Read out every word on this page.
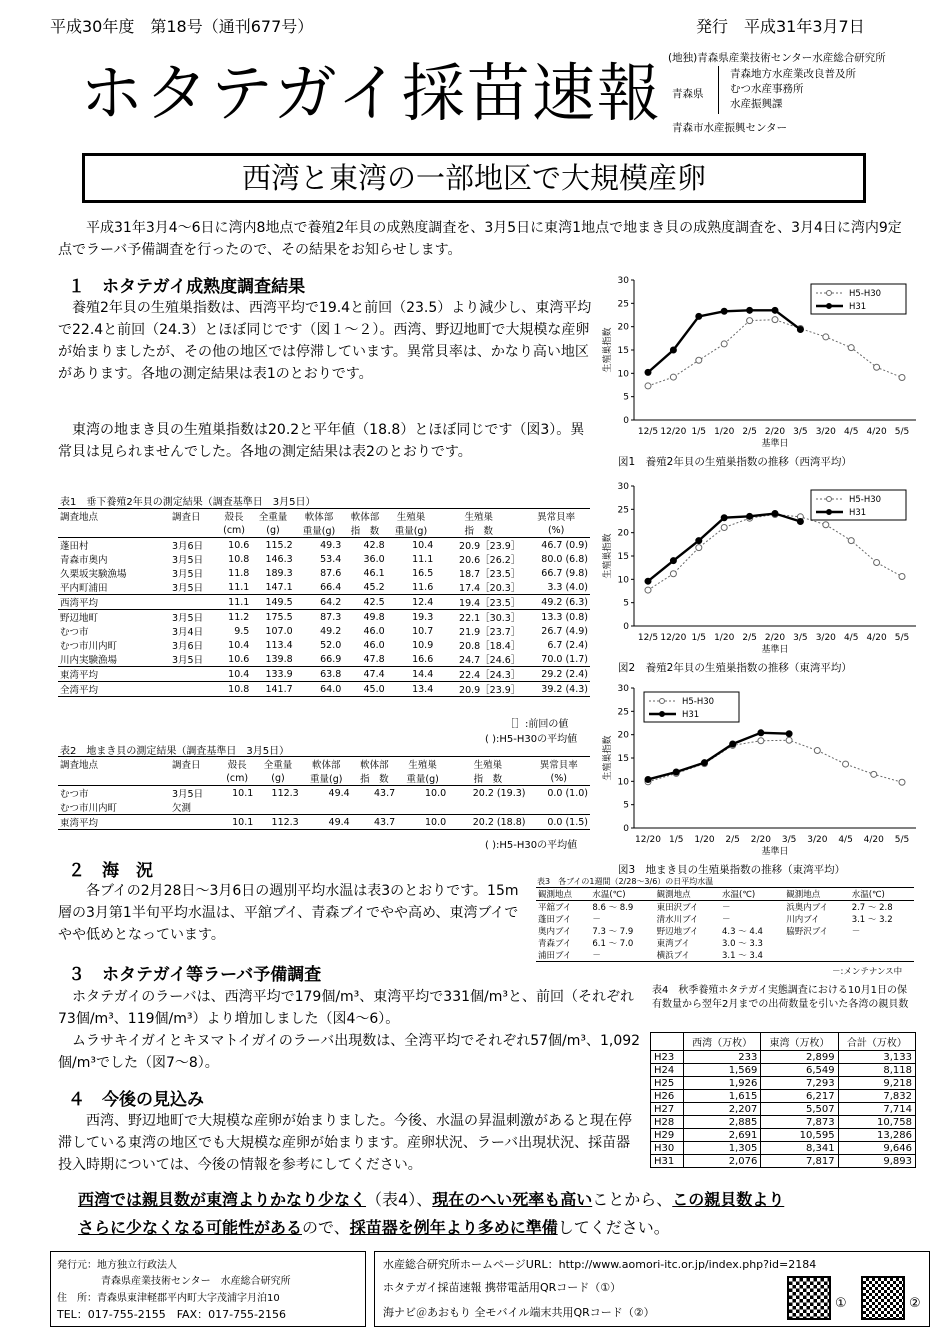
平成30年度　第18号（通刊677号）	発行　平成31年3月7日
ホタテガイ採苗速報 (地独)青森県産業技術センター水産総合研究所
青森県
青森地方水産業改良普及所
むつ水産事務所
水産振興課
青森市水産振興センター
西湾と東湾の一部地区で大規模産卵

平成31年3月4～6日に湾内8地点で養殖2年貝の成熟度調査を、3月5日に東湾1地点で地まき貝の成熟度調査を、3月4日に湾内9定点でラーバ予備調査を行ったので、その結果をお知らせします。

１　ホタテガイ成熟度調査結果

養殖2年貝の生殖巣指数は、西湾平均で19.4と前回（23.5）より減少し、東湾平均で22.4と前回（24.3）とほぼ同じです（図１～２）。西湾、野辺地町で大規模な産卵が始まりましたが、その他の地区では停滞しています。異常貝率は、かなり高い地区があります。各地の測定結果は表1のとおりです。

東湾の地まき貝の生殖巣指数は20.2と平年値（18.8）とほぼ同じです（図3）。異常貝は見られませんでした。各地の測定結果は表2のとおりです。

表1　垂下養殖2年貝の測定結果（調査基準日　3月5日）
調査地点	調査日	殻長	全重量	軟体部	軟体部	生殖巣	生殖巣	異常貝率
		(cm)	(g)	重量(g)	指　数	重量(g)	指　数	(%)
蓬田村	3月6日	10.6	115.2	49.3	42.8	10.4	20.9［23.9］	46.7 (0.9)
青森市奥内	3月5日	10.8	146.3	53.4	36.0	11.1	20.6［26.2］	80.0 (6.8)
久栗坂実験漁場	3月5日	11.8	189.3	87.6	46.1	16.5	18.7［23.5］	66.7 (9.8)
平内町浦田	3月5日	11.1	147.1	66.4	45.2	11.6	17.4［20.3］	3.3 (4.0)
西湾平均		11.1	149.5	64.2	42.5	12.4	19.4［23.5］	49.2 (6.3)
野辺地町	3月5日	11.2	175.5	87.3	49.8	19.3	22.1［30.3］	13.3 (0.8)
むつ市	3月4日	9.5	107.0	49.2	46.0	10.7	21.9［23.7］	26.7 (4.9)
むつ市川内町	3月6日	10.4	113.4	52.0	46.0	10.9	20.8［18.4］	6.7 (2.4)
川内実験漁場	3月5日	10.6	139.8	66.9	47.8	16.6	24.7［24.6］	70.0 (1.7)
東湾平均		10.4	133.9	63.8	47.4	14.4	22.4［24.3］	29.2 (2.4)
全湾平均		10.8	141.7	64.0	45.0	13.4	20.9［23.9］	39.2 (4.3)
［］:前回の値
( ):H5-H30の平均値
表2　地まき貝の測定結果（調査基準日　3月5日）
調査地点	調査日	殻長	全重量	軟体部	軟体部	生殖巣	生殖巣	異常貝率
		(cm)	(g)	重量(g)	指　数	重量(g)	指　数	(%)
むつ市	3月5日	10.1	112.3	49.4	43.7	10.0	20.2 (19.3)	0.0 (1.0)
むつ市川内町	欠測							
東湾平均		10.1	112.3	49.4	43.7	10.0	20.2 (18.8)	0.0 (1.5)
( ):H5-H30の平均値
0
5
10
15
20
25
30
12/5 12/20 1/5 1/20 2/5 2/20 3/5 3/20 4/5 4/20 5/5
基準日
生殖巣指数
H5-H30
H31
図1　養殖2年貝の生殖巣指数の推移（西湾平均）
0
5
10
15
20
25
30
12/5 12/20 1/5 1/20 2/5 2/20 3/5 3/20 4/5 4/20 5/5
基準日
生殖巣指数
H5-H30
H31
図2　養殖2年貝の生殖巣指数の推移（東湾平均）
0
5
10
15
20
25
30
12/20 1/5 1/20 2/5 2/20 3/5 3/20 4/5 4/20 5/5
基準日
生殖巣指数
H5-H30
H31
図3　地まき貝の生殖巣指数の推移（東湾平均）
２　海　況

各ブイの2月28日～3月6日の週別平均水温は表3のとおりです。15m層の3月第1半旬平均水温は、平舘ブイ、青森ブイでやや高め、東湾ブイでやや低めとなっています。

表3　各ブイの1週間（2/28～3/6）の日平均水温
観測地点	水温(℃)	観測地点	水温(℃)	観測地点	水温(℃)
平舘ブイ	8.6 ～ 8.9	東田沢ブイ	－	浜奥内ブイ	2.7 ～ 2.8
蓬田ブイ	－	清水川ブイ	－	川内ブイ	3.1 ～ 3.2
奥内ブイ	7.3 ～ 7.9	野辺地ブイ	4.3 ～ 4.4	脇野沢ブイ	－
青森ブイ	6.1 ～ 7.0	東湾ブイ	3.0 ～ 3.3		
浦田ブイ	－	横浜ブイ	3.1 ～ 3.4		
－:メンテナンス中
３　ホタテガイ等ラーバ予備調査

ホタテガイのラーバは、西湾平均で179個/m³、東湾平均で331個/m³と、前回（それぞれ73個/m³、119個/m³）より増加しました（図4～6）。

ムラサキイガイとキヌマトイガイのラーバ出現数は、全湾平均でそれぞれ57個/m³、1,092個/m³でした（図7～8）。

表4　秋季養殖ホタテガイ実態調査における10月1日の保有数量から翌年2月までの出荷数量を引いた各湾の親貝数
	西湾（万枚）	東湾（万枚）	合計（万枚）
H23	233	2,899	3,133
H24	1,569	6,549	8,118
H25	1,926	7,293	9,218
H26	1,615	6,217	7,832
H27	2,207	5,507	7,714
H28	2,885	7,873	10,758
H29	2,691	10,595	13,286
H30	1,305	8,341	9,646
H31	2,076	7,817	9,893
４　今後の見込み

西湾、野辺地町で大規模な産卵が始まりました。今後、水温の昇温刺激があると現在停滞している東湾の地区でも大規模な産卵が始まります。産卵状況、ラーバ出現状況、採苗器投入時期については、今後の情報を参考にしてください。

西湾では親貝数が東湾よりかなり少なく（表4）、現在のへい死率も高いことから、この親貝数より
さらに少なくなる可能性があるので、採苗器を例年より多めに準備してください。
発行元：地方独立行政法人
青森県産業技術センター　水産総合研究所
住　所：青森県東津軽郡平内町大字茂浦字月泊10
TEL：017-755-2155　FAX：017-755-2156
水産総合研究所ホームページURL：http://www.aomori-itc.or.jp/index.php?id=2184
ホタテガイ採苗速報 携帯電話用QRコード（①）
海ナビ＠あおもり 全モバイル端末共用QRコード（②）
①	②
